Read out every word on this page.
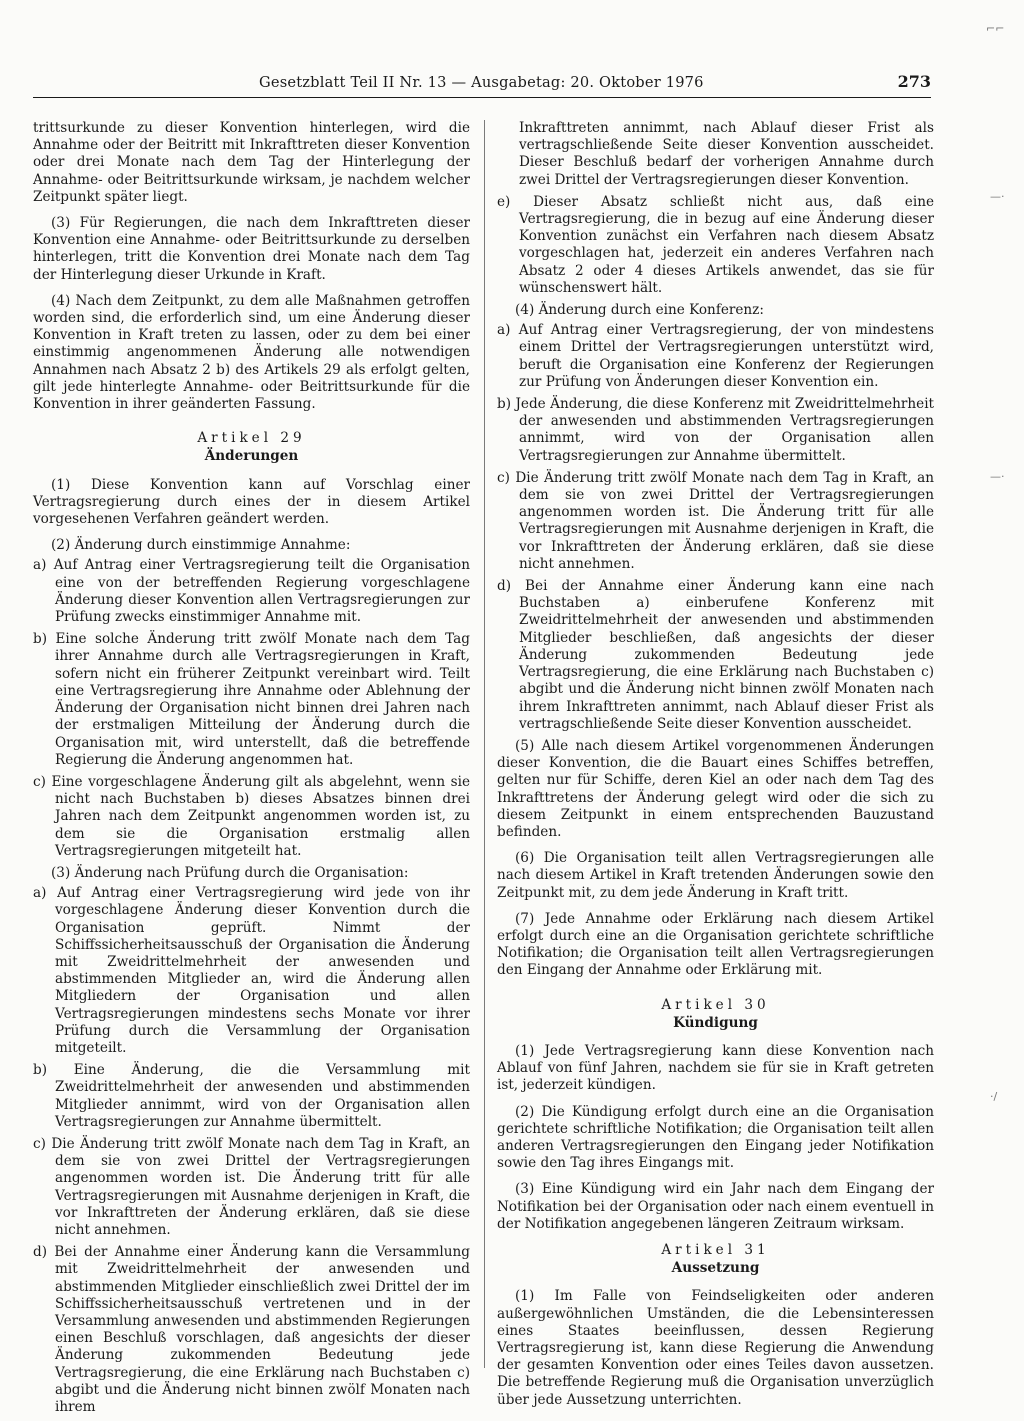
Gesetzblatt Teil II Nr. 13 — Ausgabetag: 20. Oktober 1976	273
⌐⌐
—·
—·
·/

trittsurkunde zu dieser Konvention hinterlegen, wird die Annahme oder der Beitritt mit Inkrafttreten dieser Konvention oder drei Monate nach dem Tag der Hinterlegung der Annahme- oder Beitrittsurkunde wirksam, je nachdem welcher Zeitpunkt später liegt.

(3) Für Regierungen, die nach dem Inkrafttreten dieser Konvention eine Annahme- oder Beitrittsurkunde zu derselben hinterlegen, tritt die Konvention drei Monate nach dem Tag der Hinterlegung dieser Urkunde in Kraft.

(4) Nach dem Zeitpunkt, zu dem alle Maßnahmen getroffen worden sind, die erforderlich sind, um eine Änderung dieser Konvention in Kraft treten zu lassen, oder zu dem bei einer einstimmig angenommenen Änderung alle notwendigen Annahmen nach Absatz 2 b) des Artikels 29 als erfolgt gelten, gilt jede hinterlegte Annahme- oder Beitrittsurkunde für die Konvention in ihrer geänderten Fassung.

Artikel 29
Änderungen

(1) Diese Konvention kann auf Vorschlag einer Vertragsregierung durch eines der in diesem Artikel vorgesehenen Verfahren geändert werden.

(2) Änderung durch einstimmige Annahme:

a) Auf Antrag einer Vertragsregierung teilt die Organisation eine von der betreffenden Regierung vorgeschlagene Änderung dieser Konvention allen Vertragsregierungen zur Prüfung zwecks einstimmiger Annahme mit.
b) Eine solche Änderung tritt zwölf Monate nach dem Tag ihrer Annahme durch alle Vertragsregierungen in Kraft, sofern nicht ein früherer Zeitpunkt vereinbart wird. Teilt eine Vertragsregierung ihre Annahme oder Ablehnung der Änderung der Organisation nicht binnen drei Jahren nach der erstmaligen Mitteilung der Änderung durch die Organisation mit, wird unterstellt, daß die betreffende Regierung die Änderung angenommen hat.
c) Eine vorgeschlagene Änderung gilt als abgelehnt, wenn sie nicht nach Buchstaben b) dieses Absatzes binnen drei Jahren nach dem Zeitpunkt angenommen worden ist, zu dem sie die Organisation erstmalig allen Vertragsregierungen mitgeteilt hat.

(3) Änderung nach Prüfung durch die Organisation:

a) Auf Antrag einer Vertragsregierung wird jede von ihr vorgeschlagene Änderung dieser Konvention durch die Organisation geprüft. Nimmt der Schiffssicherheitsausschuß der Organisation die Änderung mit Zweidrittelmehrheit der anwesenden und abstimmenden Mitglieder an, wird die Änderung allen Mitgliedern der Organisation und allen Vertragsregierungen mindestens sechs Monate vor ihrer Prüfung durch die Versammlung der Organisation mitgeteilt.
b) Eine Änderung, die die Versammlung mit Zweidrittelmehrheit der anwesenden und abstimmenden Mitglieder annimmt, wird von der Organisation allen Vertragsregierungen zur Annahme übermittelt.
c) Die Änderung tritt zwölf Monate nach dem Tag in Kraft, an dem sie von zwei Drittel der Vertragsregierungen angenommen worden ist. Die Änderung tritt für alle Vertragsregierungen mit Ausnahme derjenigen in Kraft, die vor Inkrafttreten der Änderung erklären, daß sie diese nicht annehmen.
d) Bei der Annahme einer Änderung kann die Versammlung mit Zweidrittelmehrheit der anwesenden und abstimmenden Mitglieder einschließlich zwei Drittel der im Schiffssicherheitsausschuß vertretenen und in der Versammlung anwesenden und abstimmenden Regierungen einen Beschluß vorschlagen, daß angesichts der dieser Änderung zukommenden Bedeutung jede Vertragsregierung, die eine Erklärung nach Buchstaben c) abgibt und die Änderung nicht binnen zwölf Monaten nach ihrem
Inkrafttreten annimmt, nach Ablauf dieser Frist als vertragschließende Seite dieser Konvention ausscheidet. Dieser Beschluß bedarf der vorherigen Annahme durch zwei Drittel der Vertragsregierungen dieser Konvention.
e) Dieser Absatz schließt nicht aus, daß eine Vertragsregierung, die in bezug auf eine Änderung dieser Konvention zunächst ein Verfahren nach diesem Absatz vorgeschlagen hat, jederzeit ein anderes Verfahren nach Absatz 2 oder 4 dieses Artikels anwendet, das sie für wünschenswert hält.

(4) Änderung durch eine Konferenz:

a) Auf Antrag einer Vertragsregierung, der von mindestens einem Drittel der Vertragsregierungen unterstützt wird, beruft die Organisation eine Konferenz der Regierungen zur Prüfung von Änderungen dieser Konvention ein.
b) Jede Änderung, die diese Konferenz mit Zweidrittelmehrheit der anwesenden und abstimmenden Vertragsregierungen annimmt, wird von der Organisation allen Vertragsregierungen zur Annahme übermittelt.
c) Die Änderung tritt zwölf Monate nach dem Tag in Kraft, an dem sie von zwei Drittel der Vertragsregierungen angenommen worden ist. Die Änderung tritt für alle Vertragsregierungen mit Ausnahme derjenigen in Kraft, die vor Inkrafttreten der Änderung erklären, daß sie diese nicht annehmen.
d) Bei der Annahme einer Änderung kann eine nach Buchstaben a) einberufene Konferenz mit Zweidrittelmehrheit der anwesenden und abstimmenden Mitglieder beschließen, daß angesichts der dieser Änderung zukommenden Bedeutung jede Vertragsregierung, die eine Erklärung nach Buchstaben c) abgibt und die Änderung nicht binnen zwölf Monaten nach ihrem Inkrafttreten annimmt, nach Ablauf dieser Frist als vertragschließende Seite dieser Konvention ausscheidet.

(5) Alle nach diesem Artikel vorgenommenen Änderungen dieser Konvention, die die Bauart eines Schiffes betreffen, gelten nur für Schiffe, deren Kiel an oder nach dem Tag des Inkrafttretens der Änderung gelegt wird oder die sich zu diesem Zeitpunkt in einem entsprechenden Bauzustand befinden.

(6) Die Organisation teilt allen Vertragsregierungen alle nach diesem Artikel in Kraft tretenden Änderungen sowie den Zeitpunkt mit, zu dem jede Änderung in Kraft tritt.

(7) Jede Annahme oder Erklärung nach diesem Artikel erfolgt durch eine an die Organisation gerichtete schriftliche Notifikation; die Organisation teilt allen Vertragsregierungen den Eingang der Annahme oder Erklärung mit.

Artikel 30
Kündigung

(1) Jede Vertragsregierung kann diese Konvention nach Ablauf von fünf Jahren, nachdem sie für sie in Kraft getreten ist, jederzeit kündigen.

(2) Die Kündigung erfolgt durch eine an die Organisation gerichtete schriftliche Notifikation; die Organisation teilt allen anderen Vertragsregierungen den Eingang jeder Notifikation sowie den Tag ihres Eingangs mit.

(3) Eine Kündigung wird ein Jahr nach dem Eingang der Notifikation bei der Organisation oder nach einem eventuell in der Notifikation angegebenen längeren Zeitraum wirksam.

Artikel 31
Aussetzung

(1) Im Falle von Feindseligkeiten oder anderen außergewöhnlichen Umständen, die die Lebensinteressen eines Staates beeinflussen, dessen Regierung Vertragsregierung ist, kann diese Regierung die Anwendung der gesamten Konvention oder eines Teiles davon aussetzen. Die betreffende Regierung muß die Organisation unverzüglich über jede Aussetzung unterrichten.
